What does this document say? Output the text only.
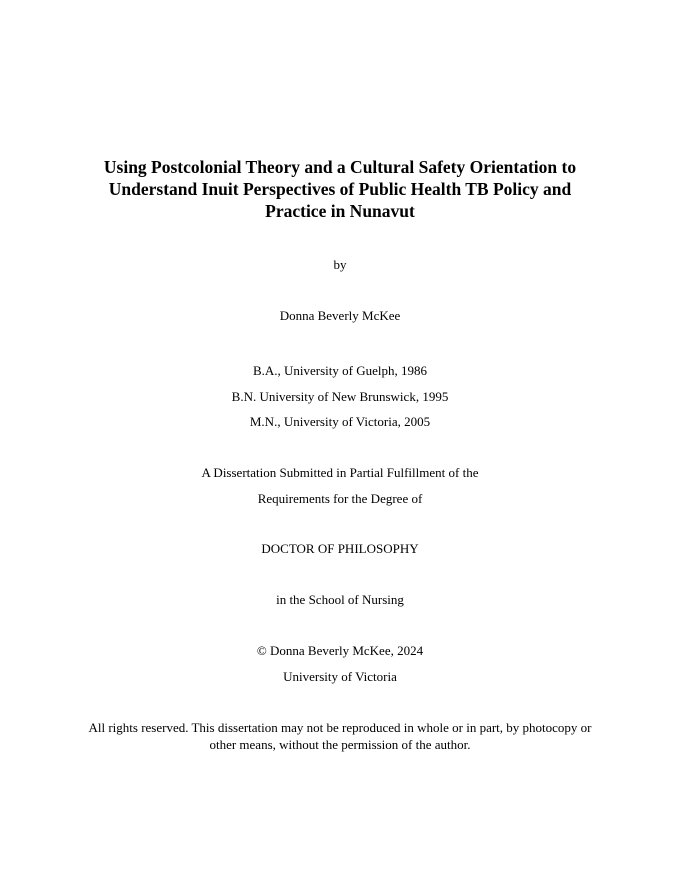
Using Postcolonial Theory and a Cultural Safety Orientation to
Understand Inuit Perspectives of Public Health TB Policy and
Practice in Nunavut
by
Donna Beverly McKee
B.A., University of Guelph, 1986
B.N. University of New Brunswick, 1995
M.N., University of Victoria, 2005
A Dissertation Submitted in Partial Fulfillment of the
Requirements for the Degree of
DOCTOR OF PHILOSOPHY
in the School of Nursing
© Donna Beverly McKee, 2024
University of Victoria
All rights reserved. This dissertation may not be reproduced in whole or in part, by photocopy or
other means, without the permission of the author.
